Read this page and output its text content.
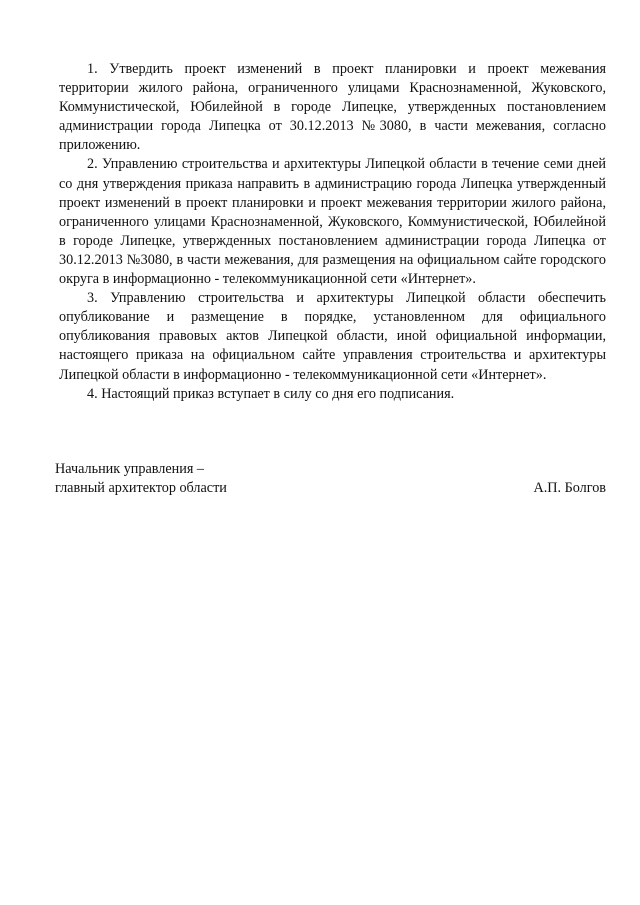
1. Утвердить проект изменений в проект планировки и проект межевания территории жилого района, ограниченного улицами Краснознаменной, Жуковского, Коммунистической, Юбилейной в городе Липецке, утвержденных постановлением администрации города Липецка от 30.12.2013 №3080, в части межевания, согласно приложению.

2. Управлению строительства и архитектуры Липецкой области в течение семи дней со дня утверждения приказа направить в администрацию города Липецка утвержденный проект изменений в проект планировки и проект межевания территории жилого района, ограниченного улицами Краснознаменной, Жуковского, Коммунистической, Юбилейной в городе Липецке, утвержденных постановлением администрации города Липецка от 30.12.2013 №3080, в части межевания, для размещения на официальном сайте городского округа в информационно - телекоммуникационной сети «Интернет».

3. Управлению строительства и архитектуры Липецкой области обеспечить опубликование и размещение в порядке, установленном для официального опубликования правовых актов Липецкой области, иной официальной информации, настоящего приказа на официальном сайте управления строительства и архитектуры Липецкой области в информационно - телекоммуникационной сети «Интернет».

4. Настоящий приказ вступает в силу со дня его подписания.

Начальник управления –
главный архитектор области	А.П. Болгов
